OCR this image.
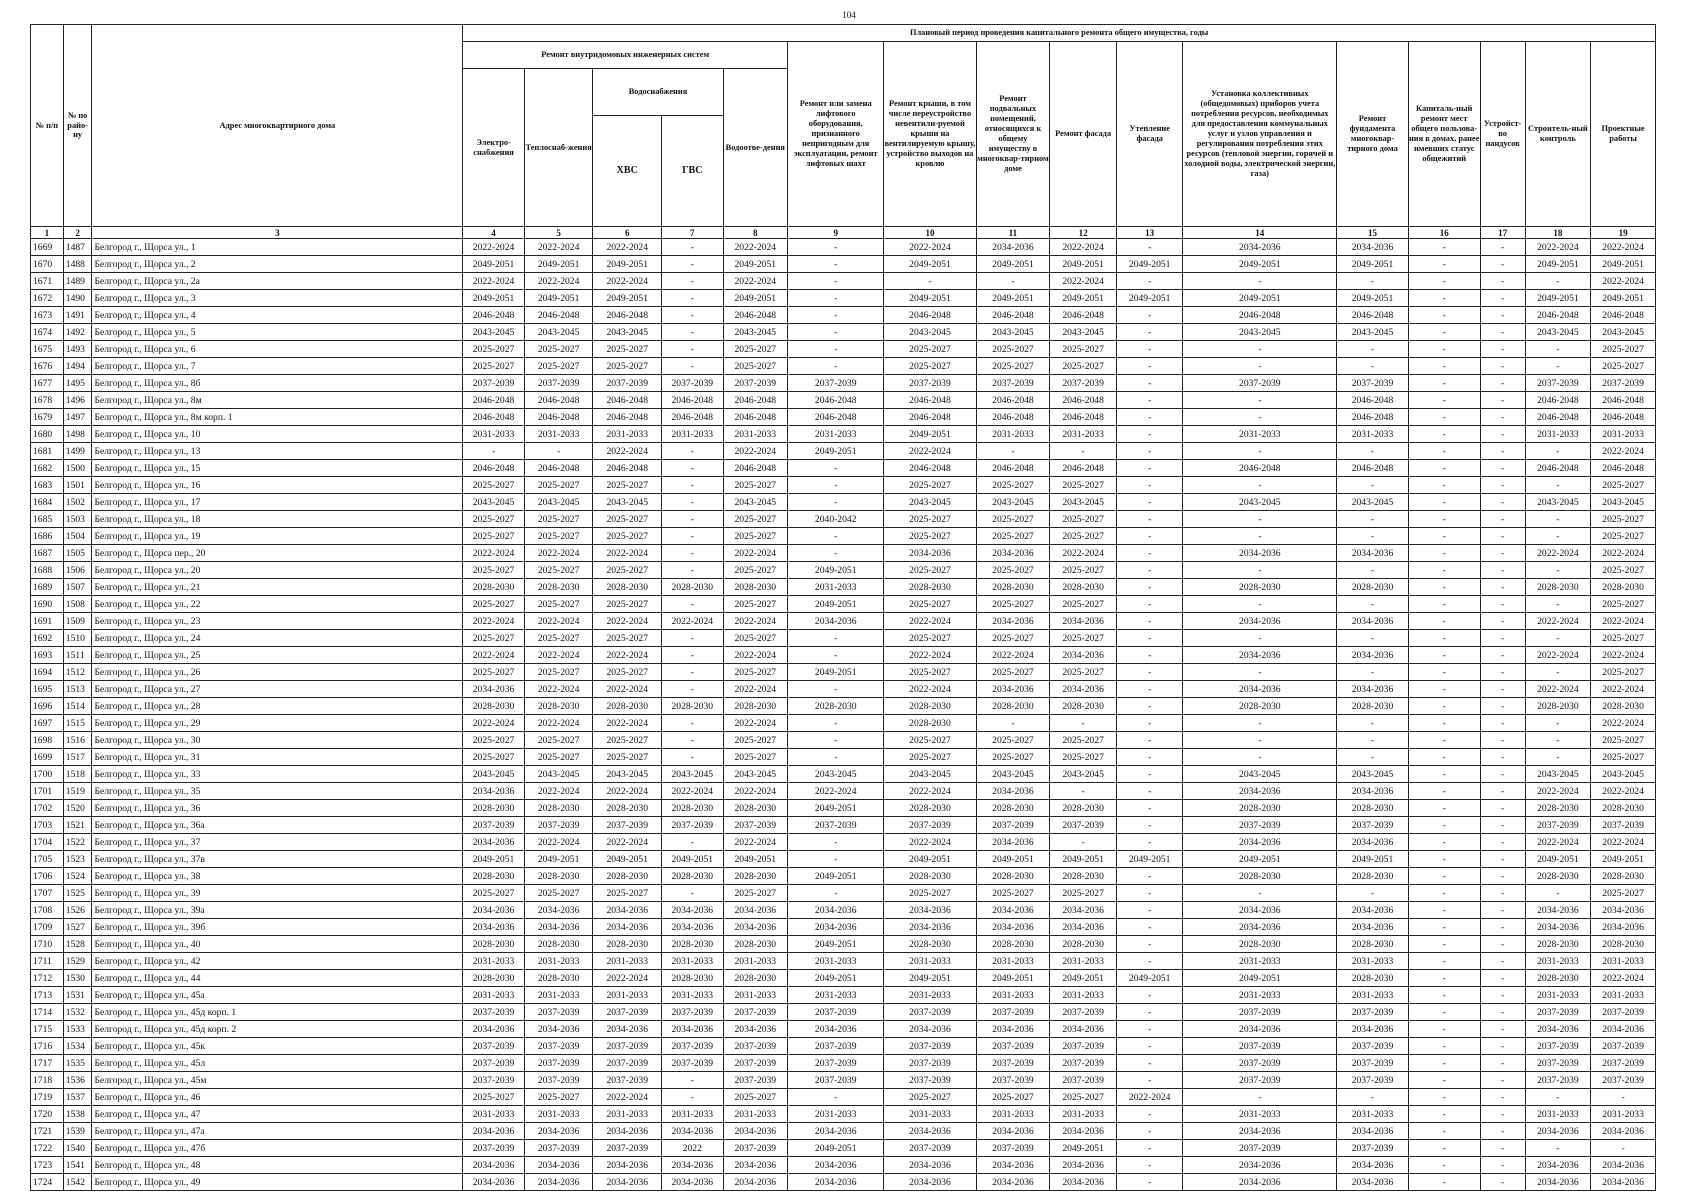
104
№ п/п	№ по райо-ну	Адрес многоквартирного дома	Плановый период проведения капитального ремонта общего имущества, годы															
			Ремонт внутридомовых инженерных систем					Ремонт или замена лифтового оборудования, признанного непригодным для эксплуатации, ремонт лифтовых шахт	Ремонт крыши, в том числе переустройство невентили-руемой крыши на вентилируемую крышу, устройство выходов на кровлю	Ремонт подвальных помещений, относящихся к общему имуществу в многоквар-тирном доме	Ремонт фасада	Утепление фасада	Установка коллективных (общедомовых) приборов учета потребления ресурсов, необходимых для предоставления коммунальных услуг и узлов управления и регулирования потребления этих ресурсов (тепловой энергии, горячей и холодной воды, электрической энергии, газа)	Ремонт фундамента многоквар-тирного дома	Капиталь-ный ремонт мест общего пользова-ния в домах, ранее имевших статус общежитий	Устройст-во пандусов	Строитель-ный контроль	Проектные работы
			Электро-снабжения	Теплоснаб-жения	Водоснабжения		Водоотве-дения											
					ХВС	ГВС												
1	2	3	4	5	6	7	8	9	10	11	12	13	14	15	16	17	18	19
1669	1487	Белгород г., Щорса ул., 1	2022-2024	2022-2024	2022-2024	-	2022-2024	-	2022-2024	2034-2036	2022-2024	-	2034-2036	2034-2036	-	-	2022-2024	2022-2024
1670	1488	Белгород г., Щорса ул., 2	2049-2051	2049-2051	2049-2051	-	2049-2051	-	2049-2051	2049-2051	2049-2051	2049-2051	2049-2051	2049-2051	-	-	2049-2051	2049-2051
1671	1489	Белгород г., Щорса ул., 2а	2022-2024	2022-2024	2022-2024	-	2022-2024	-	-	-	2022-2024	-	-	-	-	-	-	2022-2024
1672	1490	Белгород г., Щорса ул., 3	2049-2051	2049-2051	2049-2051	-	2049-2051	-	2049-2051	2049-2051	2049-2051	2049-2051	2049-2051	2049-2051	-	-	2049-2051	2049-2051
1673	1491	Белгород г., Щорса ул., 4	2046-2048	2046-2048	2046-2048	-	2046-2048	-	2046-2048	2046-2048	2046-2048	-	2046-2048	2046-2048	-	-	2046-2048	2046-2048
1674	1492	Белгород г., Щорса ул., 5	2043-2045	2043-2045	2043-2045	-	2043-2045	-	2043-2045	2043-2045	2043-2045	-	2043-2045	2043-2045	-	-	2043-2045	2043-2045
1675	1493	Белгород г., Щорса ул., 6	2025-2027	2025-2027	2025-2027	-	2025-2027	-	2025-2027	2025-2027	2025-2027	-	-	-	-	-	-	2025-2027
1676	1494	Белгород г., Щорса ул., 7	2025-2027	2025-2027	2025-2027	-	2025-2027	-	2025-2027	2025-2027	2025-2027	-	-	-	-	-	-	2025-2027
1677	1495	Белгород г., Щорса ул., 8б	2037-2039	2037-2039	2037-2039	2037-2039	2037-2039	2037-2039	2037-2039	2037-2039	2037-2039	-	2037-2039	2037-2039	-	-	2037-2039	2037-2039
1678	1496	Белгород г., Щорса ул., 8м	2046-2048	2046-2048	2046-2048	2046-2048	2046-2048	2046-2048	2046-2048	2046-2048	2046-2048	-	-	2046-2048	-	-	2046-2048	2046-2048
1679	1497	Белгород г., Щорса ул., 8м корп. 1	2046-2048	2046-2048	2046-2048	2046-2048	2046-2048	2046-2048	2046-2048	2046-2048	2046-2048	-	-	2046-2048	-	-	2046-2048	2046-2048
1680	1498	Белгород г., Щорса ул., 10	2031-2033	2031-2033	2031-2033	2031-2033	2031-2033	2031-2033	2049-2051	2031-2033	2031-2033	-	2031-2033	2031-2033	-	-	2031-2033	2031-2033
1681	1499	Белгород г., Щорса ул., 13	-	-	2022-2024	-	2022-2024	2049-2051	2022-2024	-	-	-	-	-	-	-	-	2022-2024
1682	1500	Белгород г., Щорса ул., 15	2046-2048	2046-2048	2046-2048	-	2046-2048	-	2046-2048	2046-2048	2046-2048	-	2046-2048	2046-2048	-	-	2046-2048	2046-2048
1683	1501	Белгород г., Щорса ул., 16	2025-2027	2025-2027	2025-2027	-	2025-2027	-	2025-2027	2025-2027	2025-2027	-	-	-	-	-	-	2025-2027
1684	1502	Белгород г., Щорса ул., 17	2043-2045	2043-2045	2043-2045	-	2043-2045	-	2043-2045	2043-2045	2043-2045	-	2043-2045	2043-2045	-	-	2043-2045	2043-2045
1685	1503	Белгород г., Щорса ул., 18	2025-2027	2025-2027	2025-2027	-	2025-2027	2040-2042	2025-2027	2025-2027	2025-2027	-	-	-	-	-	-	2025-2027
1686	1504	Белгород г., Щорса ул., 19	2025-2027	2025-2027	2025-2027	-	2025-2027	-	2025-2027	2025-2027	2025-2027	-	-	-	-	-	-	2025-2027
1687	1505	Белгород г., Щорса пер., 20	2022-2024	2022-2024	2022-2024	-	2022-2024	-	2034-2036	2034-2036	2022-2024	-	2034-2036	2034-2036	-	-	2022-2024	2022-2024
1688	1506	Белгород г., Щорса ул., 20	2025-2027	2025-2027	2025-2027	-	2025-2027	2049-2051	2025-2027	2025-2027	2025-2027	-	-	-	-	-	-	2025-2027
1689	1507	Белгород г., Щорса ул., 21	2028-2030	2028-2030	2028-2030	2028-2030	2028-2030	2031-2033	2028-2030	2028-2030	2028-2030	-	2028-2030	2028-2030	-	-	2028-2030	2028-2030
1690	1508	Белгород г., Щорса ул., 22	2025-2027	2025-2027	2025-2027	-	2025-2027	2049-2051	2025-2027	2025-2027	2025-2027	-	-	-	-	-	-	2025-2027
1691	1509	Белгород г., Щорса ул., 23	2022-2024	2022-2024	2022-2024	2022-2024	2022-2024	2034-2036	2022-2024	2034-2036	2034-2036	-	2034-2036	2034-2036	-	-	2022-2024	2022-2024
1692	1510	Белгород г., Щорса ул., 24	2025-2027	2025-2027	2025-2027	-	2025-2027	-	2025-2027	2025-2027	2025-2027	-	-	-	-	-	-	2025-2027
1693	1511	Белгород г., Щорса ул., 25	2022-2024	2022-2024	2022-2024	-	2022-2024	-	2022-2024	2022-2024	2034-2036	-	2034-2036	2034-2036	-	-	2022-2024	2022-2024
1694	1512	Белгород г., Щорса ул., 26	2025-2027	2025-2027	2025-2027	-	2025-2027	2049-2051	2025-2027	2025-2027	2025-2027	-	-	-	-	-	-	2025-2027
1695	1513	Белгород г., Щорса ул., 27	2034-2036	2022-2024	2022-2024	-	2022-2024	-	2022-2024	2034-2036	2034-2036	-	2034-2036	2034-2036	-	-	2022-2024	2022-2024
1696	1514	Белгород г., Щорса ул., 28	2028-2030	2028-2030	2028-2030	2028-2030	2028-2030	2028-2030	2028-2030	2028-2030	2028-2030	-	2028-2030	2028-2030	-	-	2028-2030	2028-2030
1697	1515	Белгород г., Щорса ул., 29	2022-2024	2022-2024	2022-2024	-	2022-2024	-	2028-2030	-	-	-	-	-	-	-	-	2022-2024
1698	1516	Белгород г., Щорса ул., 30	2025-2027	2025-2027	2025-2027	-	2025-2027	-	2025-2027	2025-2027	2025-2027	-	-	-	-	-	-	2025-2027
1699	1517	Белгород г., Щорса ул., 31	2025-2027	2025-2027	2025-2027	-	2025-2027	-	2025-2027	2025-2027	2025-2027	-	-	-	-	-	-	2025-2027
1700	1518	Белгород г., Щорса ул., 33	2043-2045	2043-2045	2043-2045	2043-2045	2043-2045	2043-2045	2043-2045	2043-2045	2043-2045	-	2043-2045	2043-2045	-	-	2043-2045	2043-2045
1701	1519	Белгород г., Щорса ул., 35	2034-2036	2022-2024	2022-2024	2022-2024	2022-2024	2022-2024	2022-2024	2034-2036	-	-	2034-2036	2034-2036	-	-	2022-2024	2022-2024
1702	1520	Белгород г., Щорса ул., 36	2028-2030	2028-2030	2028-2030	2028-2030	2028-2030	2049-2051	2028-2030	2028-2030	2028-2030	-	2028-2030	2028-2030	-	-	2028-2030	2028-2030
1703	1521	Белгород г., Щорса ул., 36а	2037-2039	2037-2039	2037-2039	2037-2039	2037-2039	2037-2039	2037-2039	2037-2039	2037-2039	-	2037-2039	2037-2039	-	-	2037-2039	2037-2039
1704	1522	Белгород г., Щорса ул., 37	2034-2036	2022-2024	2022-2024	-	2022-2024	-	2022-2024	2034-2036	-	-	2034-2036	2034-2036	-	-	2022-2024	2022-2024
1705	1523	Белгород г., Щорса ул., 37в	2049-2051	2049-2051	2049-2051	2049-2051	2049-2051	-	2049-2051	2049-2051	2049-2051	2049-2051	2049-2051	2049-2051	-	-	2049-2051	2049-2051
1706	1524	Белгород г., Щорса ул., 38	2028-2030	2028-2030	2028-2030	2028-2030	2028-2030	2049-2051	2028-2030	2028-2030	2028-2030	-	2028-2030	2028-2030	-	-	2028-2030	2028-2030
1707	1525	Белгород г., Щорса ул., 39	2025-2027	2025-2027	2025-2027	-	2025-2027	-	2025-2027	2025-2027	2025-2027	-	-	-	-	-	-	2025-2027
1708	1526	Белгород г., Щорса ул., 39а	2034-2036	2034-2036	2034-2036	2034-2036	2034-2036	2034-2036	2034-2036	2034-2036	2034-2036	-	2034-2036	2034-2036	-	-	2034-2036	2034-2036
1709	1527	Белгород г., Щорса ул., 39б	2034-2036	2034-2036	2034-2036	2034-2036	2034-2036	2034-2036	2034-2036	2034-2036	2034-2036	-	2034-2036	2034-2036	-	-	2034-2036	2034-2036
1710	1528	Белгород г., Щорса ул., 40	2028-2030	2028-2030	2028-2030	2028-2030	2028-2030	2049-2051	2028-2030	2028-2030	2028-2030	-	2028-2030	2028-2030	-	-	2028-2030	2028-2030
1711	1529	Белгород г., Щорса ул., 42	2031-2033	2031-2033	2031-2033	2031-2033	2031-2033	2031-2033	2031-2033	2031-2033	2031-2033	-	2031-2033	2031-2033	-	-	2031-2033	2031-2033
1712	1530	Белгород г., Щорса ул., 44	2028-2030	2028-2030	2022-2024	2028-2030	2028-2030	2049-2051	2049-2051	2049-2051	2049-2051	2049-2051	2049-2051	2028-2030	-	-	2028-2030	2022-2024
1713	1531	Белгород г., Щорса ул., 45а	2031-2033	2031-2033	2031-2033	2031-2033	2031-2033	2031-2033	2031-2033	2031-2033	2031-2033	-	2031-2033	2031-2033	-	-	2031-2033	2031-2033
1714	1532	Белгород г., Щорса ул., 45д корп. 1	2037-2039	2037-2039	2037-2039	2037-2039	2037-2039	2037-2039	2037-2039	2037-2039	2037-2039	-	2037-2039	2037-2039	-	-	2037-2039	2037-2039
1715	1533	Белгород г., Щорса ул., 45д корп. 2	2034-2036	2034-2036	2034-2036	2034-2036	2034-2036	2034-2036	2034-2036	2034-2036	2034-2036	-	2034-2036	2034-2036	-	-	2034-2036	2034-2036
1716	1534	Белгород г., Щорса ул., 45к	2037-2039	2037-2039	2037-2039	2037-2039	2037-2039	2037-2039	2037-2039	2037-2039	2037-2039	-	2037-2039	2037-2039	-	-	2037-2039	2037-2039
1717	1535	Белгород г., Щорса ул., 45л	2037-2039	2037-2039	2037-2039	2037-2039	2037-2039	2037-2039	2037-2039	2037-2039	2037-2039	-	2037-2039	2037-2039	-	-	2037-2039	2037-2039
1718	1536	Белгород г., Щорса ул., 45м	2037-2039	2037-2039	2037-2039	-	2037-2039	2037-2039	2037-2039	2037-2039	2037-2039	-	2037-2039	2037-2039	-	-	2037-2039	2037-2039
1719	1537	Белгород г., Щорса ул., 46	2025-2027	2025-2027	2022-2024	-	2025-2027	-	2025-2027	2025-2027	2025-2027	2022-2024	-	-	-	-	-	-
1720	1538	Белгород г., Щорса ул., 47	2031-2033	2031-2033	2031-2033	2031-2033	2031-2033	2031-2033	2031-2033	2031-2033	2031-2033	-	2031-2033	2031-2033	-	-	2031-2033	2031-2033
1721	1539	Белгород г., Щорса ул., 47а	2034-2036	2034-2036	2034-2036	2034-2036	2034-2036	2034-2036	2034-2036	2034-2036	2034-2036	-	2034-2036	2034-2036	-	-	2034-2036	2034-2036
1722	1540	Белгород г., Щорса ул., 47б	2037-2039	2037-2039	2037-2039	2022	2037-2039	2049-2051	2037-2039	2037-2039	2049-2051	-	2037-2039	2037-2039	-	-	-	-
1723	1541	Белгород г., Щорса ул., 48	2034-2036	2034-2036	2034-2036	2034-2036	2034-2036	2034-2036	2034-2036	2034-2036	2034-2036	-	2034-2036	2034-2036	-	-	2034-2036	2034-2036
1724	1542	Белгород г., Щорса ул., 49	2034-2036	2034-2036	2034-2036	2034-2036	2034-2036	2034-2036	2034-2036	2034-2036	2034-2036	-	2034-2036	2034-2036	-	-	2034-2036	2034-2036
